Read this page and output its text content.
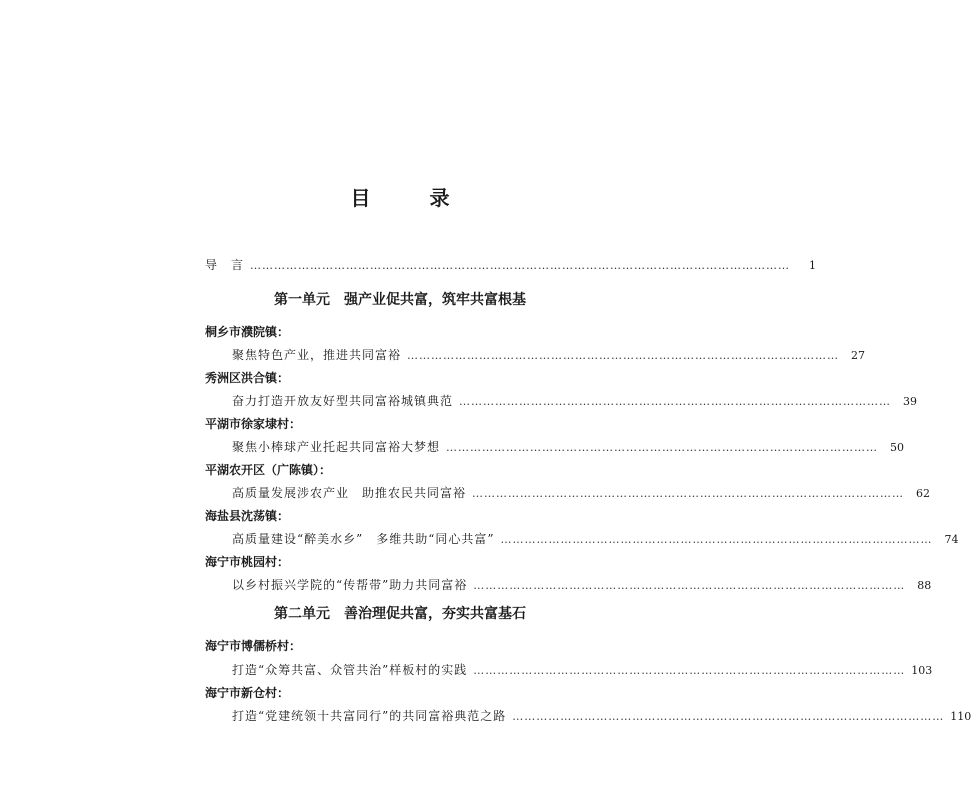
目 录
导　言 ………………………………………………………………………………………………………………………	1
第一单元　强产业促共富，筑牢共富根基
桐乡市濮院镇：
聚焦特色产业，推进共同富裕 ………………………………………………………………………………………………	27
秀洲区洪合镇：
奋力打造开放友好型共同富裕城镇典范 ………………………………………………………………………………………………	39
平湖市徐家埭村：
聚焦小棒球产业托起共同富裕大梦想 ………………………………………………………………………………………………	50
平湖农开区（广陈镇）：
高质量发展涉农产业　助推农民共同富裕 ………………………………………………………………………………………………	62
海盐县沈荡镇：
高质量建设“醉美水乡”　多维共助“同心共富” ………………………………………………………………………………………………	74
海宁市桃园村：
以乡村振兴学院的“传帮带”助力共同富裕 ………………………………………………………………………………………………	88
第二单元　善治理促共富，夯实共富基石
海宁市博儒桥村：
打造“众筹共富、众管共治”样板村的实践 ……………………………………………………………………………………………… 103
海宁市新仓村：
打造“党建统领十共富同行”的共同富裕典范之路 ……………………………………………………………………………………………… 110
